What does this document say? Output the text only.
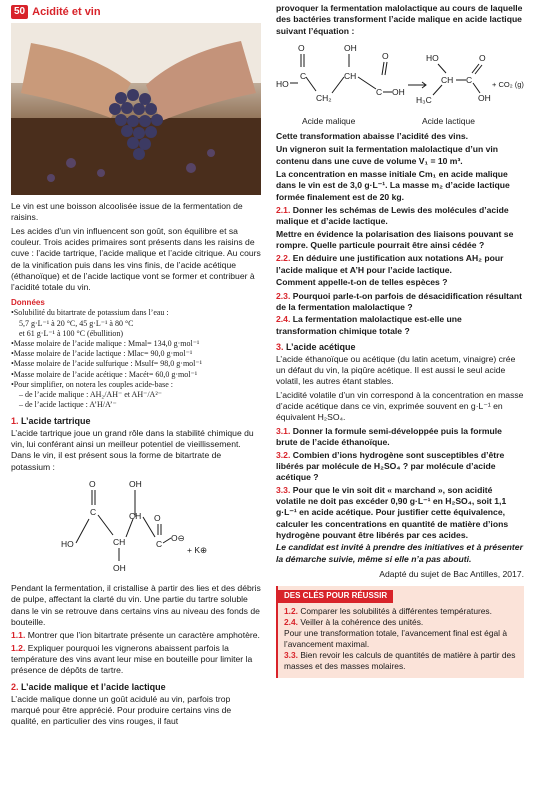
50 Acidité et vin

Le vin est une boisson alcoolisée issue de la fermentation de raisins.

Les acides d’un vin influencent son goût, son équilibre et sa couleur. Trois acides primaires sont présents dans les raisins de cuve : l’acide tartrique, l’acide malique et l’acide citrique. Au cours de la vinification puis dans les vins finis, de l’acide acétique (éthanoïque) et de l’acide lactique vont se former et contribuer à l’acidité totale du vin.

Données
•Solubilité du bitartrate de potassium dans l’eau :
5,7 g·L⁻¹ à 20 °C, 45 g·L⁻¹ à 80 °C
et 61 g·L⁻¹ à 100 °C (ébullition)
•Masse molaire de l’acide malique : Mmal= 134,0 g·mol⁻¹
•Masse molaire de l’acide lactique : Mlac= 90,0 g·mol⁻¹
•Masse molaire de l’acide sulfurique : Msulf= 98,0 g·mol⁻¹
•Masse molaire de l’acide acétique : Macét= 60,0 g·mol⁻¹
•Pour simplifier, on notera les couples acide-base :
– de l’acide malique : AH₂/AH⁻ et AH⁻/A²⁻
– de l’acide lactique : A’H/A’⁻
1. L’acide tartrique

L’acide tartrique joue un grand rôle dans la stabilité chimique du vin, lui conférant ainsi un meilleur potentiel de vieillissement. Dans le vin, il est présent sous la forme de bitartrate de potassium :

O	OH
O
C
HO	CH
CH
C
OH
O⊖
+ K⊕

Pendant la fermentation, il cristallise à partir des lies et des débris de pulpe, affectant la clarté du vin. Une partie du tartre soluble dans le vin se retrouve dans certains vins au niveau des fonds de bouteille.

1.1. Montrer que l’ion bitartrate présente un caractère amphotère.
1.2. Expliquer pourquoi les vignerons abaissent parfois la température des vins avant leur mise en bouteille pour limiter la présence de dépôts de tartre.
2. L’acide malique et l’acide lactique

L’acide malique donne un goût acidulé au vin, parfois trop marqué pour être apprécié. Pour produire certains vins de qualité, en particulier des vins rouges, il faut

provoquer la fermentation malolactique au cours de laquelle des bactéries transforment l’acide malique en acide lactique suivant l’équation :

O	OH
O
HO
C
CH₂
CH
C OH
HO	O
CH C
OH
H₃C
+ CO₂ (g)
Acide malique	Acide lactique

Cette transformation abaisse l’acidité des vins.

Un vigneron suit la fermentation malolactique d’un vin contenu dans une cuve de volume V₁ = 10 m³.

La concentration en masse initiale Cm₁ en acide malique dans le vin est de 3,0 g·L⁻¹. La masse m₂ d’acide lactique formée finalement est de 20 kg.

2.1. Donner les schémas de Lewis des molécules d’acide malique et d’acide lactique.

Mettre en évidence la polarisation des liaisons pouvant se rompre. Quelle particule pourrait être ainsi cédée ?

2.2. En déduire une justification aux notations AH₂ pour l’acide malique et A’H pour l’acide lactique.

Comment appelle-t-on de telles espèces ?

2.3. Pourquoi parle-t-on parfois de désacidification résultant de la fermentation malolactique ?
2.4. La fermentation malolactique est-elle une transformation chimique totale ?
3. L’acide acétique

L’acide éthanoïque ou acétique (du latin acetum, vinaigre) crée un défaut du vin, la piqûre acétique. Il est aussi le seul acide volatil, les autres étant stables.

L’acidité volatile d’un vin correspond à la concentration en masse d’acide acétique dans ce vin, exprimée souvent en g·L⁻¹ en équivalent H₂SO₄.

3.1. Donner la formule semi-développée puis la formule brute de l’acide éthanoïque.
3.2. Combien d’ions hydrogène sont susceptibles d’être libérés par molécule de H₂SO₄ ? par molécule d’acide acétique ?
3.3. Pour que le vin soit dit « marchand », son acidité volatile ne doit pas excéder 0,90 g·L⁻¹ en H₂SO₄, soit 1,1 g·L⁻¹ en acide acétique. Pour justifier cette équivalence, calculer les concentrations en quantité de matière d’ions hydrogène pouvant être libérés par ces acides.

Le candidat est invité à prendre des initiatives et à présenter la démarche suivie, même si elle n’a pas abouti.

Adapté du sujet de Bac Antilles, 2017.

DES CLÉS POUR RÉUSSIR
1.2. Comparer les solubilités à différentes températures.
2.4. Veiller à la cohérence des unités.
Pour une transformation totale, l’avancement final est égal à l’avancement maximal.
3.3. Bien revoir les calculs de quantités de matière à partir des masses et des masses molaires.
